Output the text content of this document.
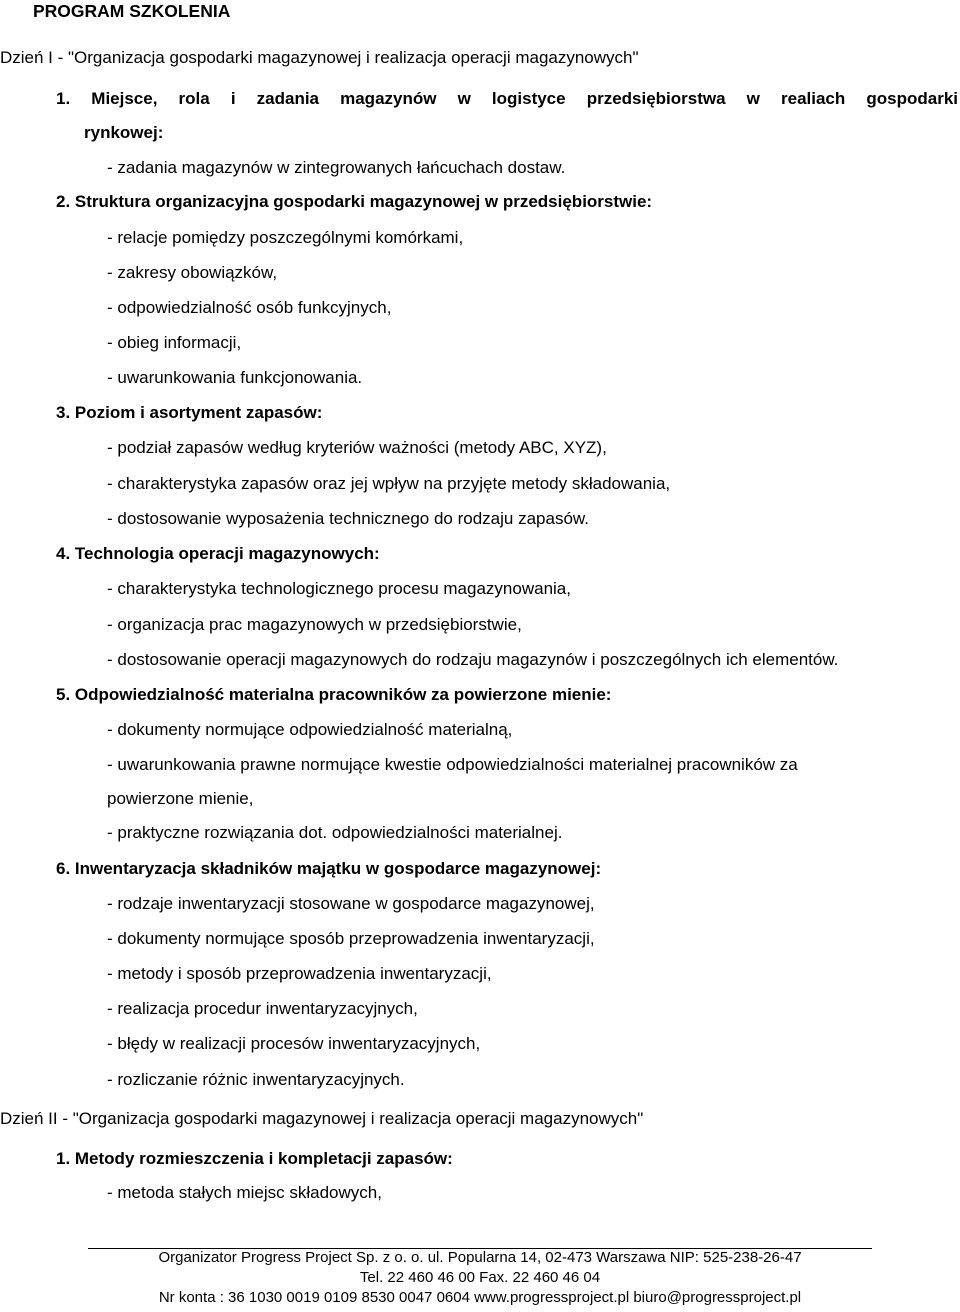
PROGRAM SZKOLENIA
Dzień I - "Organizacja gospodarki magazynowej i realizacja operacji magazynowych"
1. Miejsce, rola i zadania magazynów w logistyce przedsiębiorstwa w realiach gospodarki
rynkowej:
- zadania magazynów w zintegrowanych łańcuchach dostaw.
2. Struktura organizacyjna gospodarki magazynowej w przedsiębiorstwie:
- relacje pomiędzy poszczególnymi komórkami,
- zakresy obowiązków,
- odpowiedzialność osób funkcyjnych,
- obieg informacji,
- uwarunkowania funkcjonowania.
3. Poziom i asortyment zapasów:
- podział zapasów według kryteriów ważności (metody ABC, XYZ),
- charakterystyka zapasów oraz jej wpływ na przyjęte metody składowania,
- dostosowanie wyposażenia technicznego do rodzaju zapasów.
4. Technologia operacji magazynowych:
- charakterystyka technologicznego procesu magazynowania,
- organizacja prac magazynowych w przedsiębiorstwie,
- dostosowanie operacji magazynowych do rodzaju magazynów i poszczególnych ich elementów.
5. Odpowiedzialność materialna pracowników za powierzone mienie:
- dokumenty normujące odpowiedzialność materialną,
- uwarunkowania prawne normujące kwestie odpowiedzialności materialnej pracowników za
powierzone mienie,
- praktyczne rozwiązania dot. odpowiedzialności materialnej.
6. Inwentaryzacja składników majątku w gospodarce magazynowej:
- rodzaje inwentaryzacji stosowane w gospodarce magazynowej,
- dokumenty normujące sposób przeprowadzenia inwentaryzacji,
- metody i sposób przeprowadzenia inwentaryzacji,
- realizacja procedur inwentaryzacyjnych,
- błędy w realizacji procesów inwentaryzacyjnych,
- rozliczanie różnic inwentaryzacyjnych.
Dzień II - "Organizacja gospodarki magazynowej i realizacja operacji magazynowych"
1. Metody rozmieszczenia i kompletacji zapasów:
- metoda stałych miejsc składowych,
Organizator Progress Project Sp. z o. o. ul. Popularna 14, 02-473 Warszawa NIP: 525-238-26-47
Tel. 22 460 46 00 Fax. 22 460 46 04
Nr konta : 36 1030 0019 0109 8530 0047 0604 www.progressproject.pl biuro@progressproject.pl
